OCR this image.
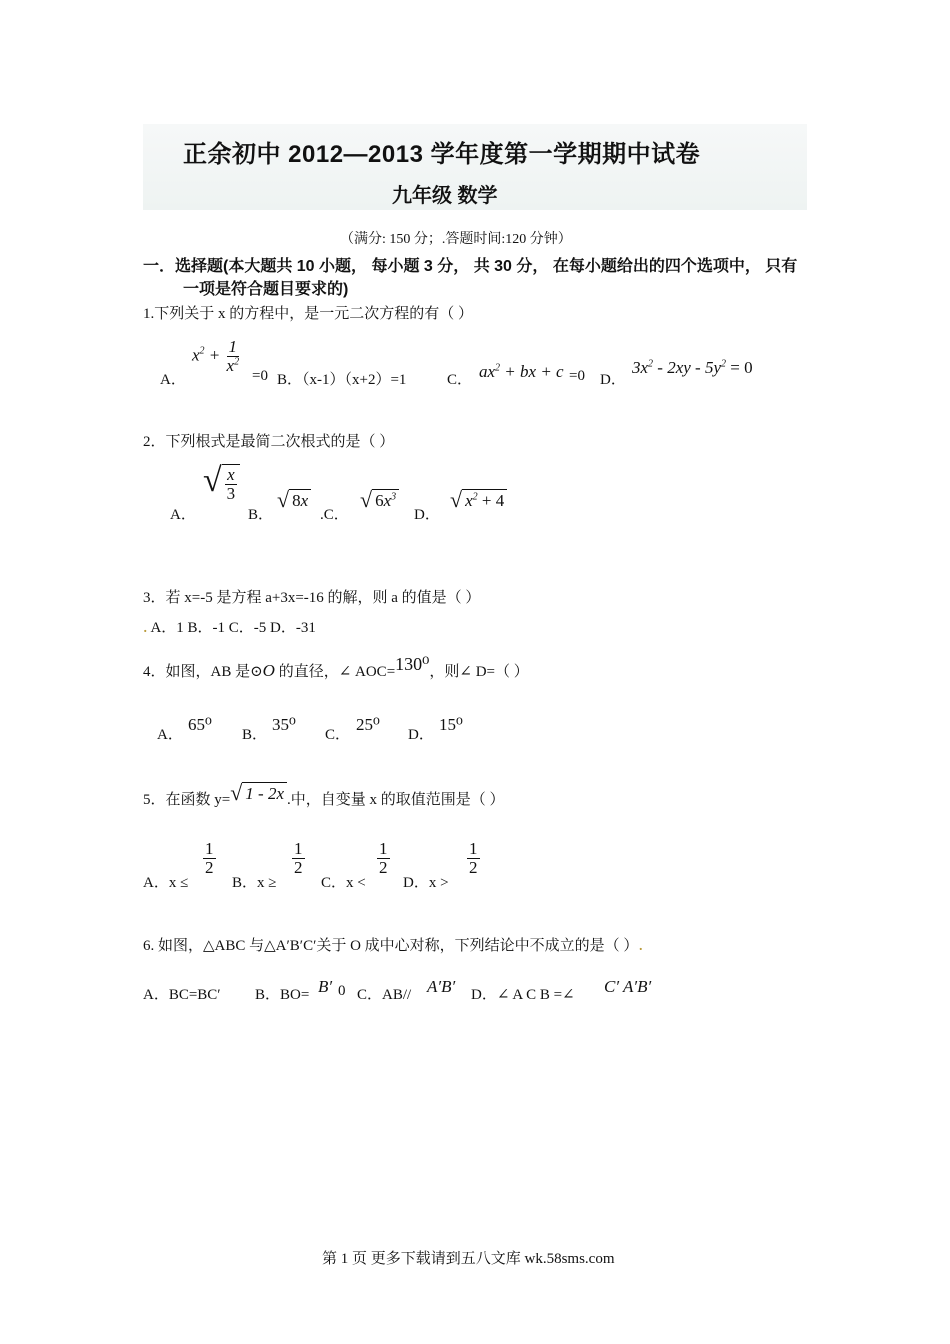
正余初中 2012—2013 学年度第一学期期中试卷
九年级 数学
（满分: 150 分；.答题时间:120 分钟）
一．选择题(本大题共 10 小题， 每小题 3 分， 共 30 分， 在每小题给出的四个选项中， 只有
一项是符合题目要求的)
1.下列关于 x 的方程中，是一元二次方程的有（ ）
A．
$x^2 + \frac{1}{x^2}$
=0 B．（x-1）（x+2）=1	C． $ax^2$ + bx + c =0 D．
$3x^2 - 2xy - 5y^2 = 0$
2．下列根式是最简二次根式的是（ ）
A．
√ $\frac{x}{3}$
B．
√ 8x
.C．
√ $6x^3$
D．
√ $x^2 + 4$
3．若 x=-5 是方程 a+3x=-16 的解，则 a 的值是（ ）
. A．1 B．-1 C．-5 D．-31
4．如图，AB 是⊙O 的直径，∠ AOC=130⁰，则∠ D=（ ）
A．
65⁰
B．
35⁰
C．
25⁰
D．
15⁰
5．在函数 y= √ 1 - 2x .中，自变量 x 的取值范围是（ ）
A．x ≤
$\frac{1}{2}$
B．x ≥
$\frac{1}{2}$
C．x <
$\frac{1}{2}$
D．x >
$\frac{1}{2}$
6. 如图，△ABC 与△A′B′C′关于 O 成中心对称，下列结论中不成立的是（ ）.
A．BC=BC′ B．BO= B′ 0 C．AB// A′B′ D．∠ A C B =∠ C′ A′B′
第 1 页 更多下载请到五八文库 wk.58sms.com
